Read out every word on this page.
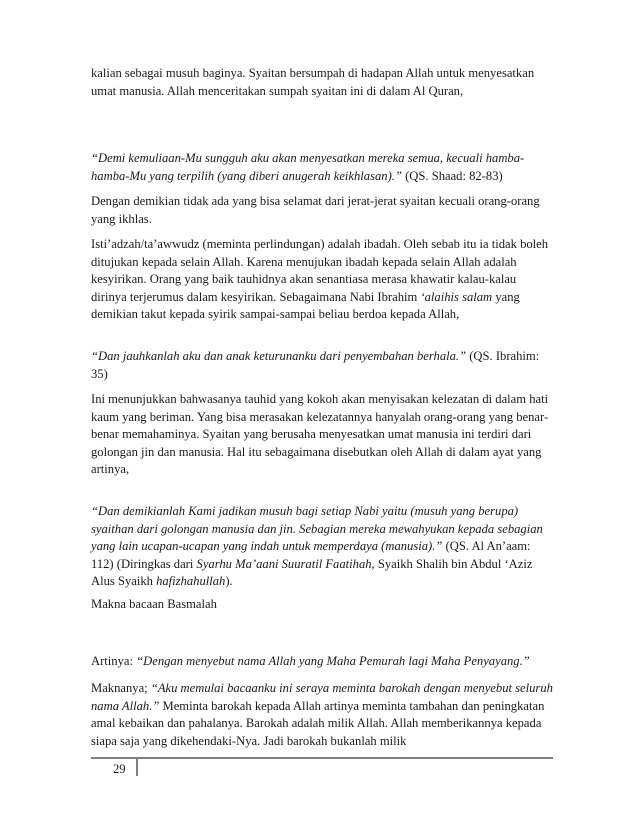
kalian sebagai musuh baginya. Syaitan bersumpah di hadapan Allah untuk menyesatkan umat manusia. Allah menceritakan sumpah syaitan ini di dalam Al Quran,

“Demi kemuliaan-Mu sungguh aku akan menyesatkan mereka semua, kecuali hamba-hamba-Mu yang terpilih (yang diberi anugerah keikhlasan).” (QS. Shaad: 82-83)

Dengan demikian tidak ada yang bisa selamat dari jerat-jerat syaitan kecuali orang-orang yang ikhlas.

Isti’adzah/ta’awwudz (meminta perlindungan) adalah ibadah. Oleh sebab itu ia tidak boleh ditujukan kepada selain Allah. Karena menujukan ibadah kepada selain Allah adalah kesyirikan. Orang yang baik tauhidnya akan senantiasa merasa khawatir kalau-kalau dirinya terjerumus dalam kesyirikan. Sebagaimana Nabi Ibrahim ‘alaihis salam yang demikian takut kepada syirik sampai-sampai beliau berdoa kepada Allah,

“Dan jauhkanlah aku dan anak keturunanku dari penyembahan berhala.” (QS. Ibrahim: 35)

Ini menunjukkan bahwasanya tauhid yang kokoh akan menyisakan kelezatan di dalam hati kaum yang beriman. Yang bisa merasakan kelezatannya hanyalah orang-orang yang benar-benar memahaminya. Syaitan yang berusaha menyesatkan umat manusia ini terdiri dari golongan jin dan manusia. Hal itu sebagaimana disebutkan oleh Allah di dalam ayat yang artinya,

“Dan demikianlah Kami jadikan musuh bagi setiap Nabi yaitu (musuh yang berupa) syaithan dari golongan manusia dan jin. Sebagian mereka mewahyukan kepada sebagian yang lain ucapan-ucapan yang indah untuk memperdaya (manusia).” (QS. Al An’aam: 112) (Diringkas dari Syarhu Ma’aani Suuratil Faatihah, Syaikh Shalih bin Abdul ‘Aziz Alus Syaikh hafizhahullah).

Makna bacaan Basmalah

Artinya: “Dengan menyebut nama Allah yang Maha Pemurah lagi Maha Penyayang.”

Maknanya; “Aku memulai bacaanku ini seraya meminta barokah dengan menyebut seluruh nama Allah.” Meminta barokah kepada Allah artinya meminta tambahan dan peningkatan amal kebaikan dan pahalanya. Barokah adalah milik Allah. Allah memberikannya kepada siapa saja yang dikehendaki-Nya. Jadi barokah bukanlah milik

29
